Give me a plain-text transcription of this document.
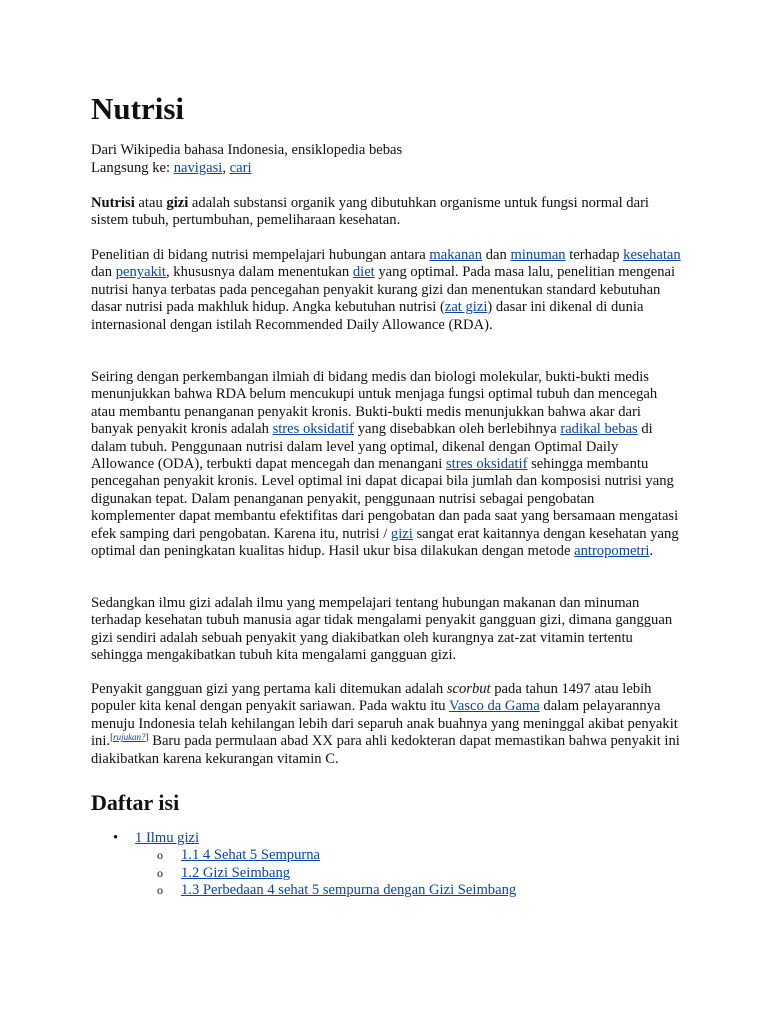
Nutrisi
Dari Wikipedia bahasa Indonesia, ensiklopedia bebas
Langsung ke: navigasi, cari

Nutrisi atau gizi adalah substansi organik yang dibutuhkan organisme untuk fungsi normal dari sistem tubuh, pertumbuhan, pemeliharaan kesehatan.

Penelitian di bidang nutrisi mempelajari hubungan antara makanan dan minuman terhadap kesehatan dan penyakit, khususnya dalam menentukan diet yang optimal. Pada masa lalu, penelitian mengenai nutrisi hanya terbatas pada pencegahan penyakit kurang gizi dan menentukan standard kebutuhan dasar nutrisi pada makhluk hidup. Angka kebutuhan nutrisi (zat gizi) dasar ini dikenal di dunia internasional dengan istilah Recommended Daily Allowance (RDA).

Seiring dengan perkembangan ilmiah di bidang medis dan biologi molekular, bukti-bukti medis menunjukkan bahwa RDA belum mencukupi untuk menjaga fungsi optimal tubuh dan mencegah atau membantu penanganan penyakit kronis. Bukti-bukti medis menunjukkan bahwa akar dari banyak penyakit kronis adalah stres oksidatif yang disebabkan oleh berlebihnya radikal bebas di dalam tubuh. Penggunaan nutrisi dalam level yang optimal, dikenal dengan Optimal Daily Allowance (ODA), terbukti dapat mencegah dan menangani stres oksidatif sehingga membantu pencegahan penyakit kronis. Level optimal ini dapat dicapai bila jumlah dan komposisi nutrisi yang digunakan tepat. Dalam penanganan penyakit, penggunaan nutrisi sebagai pengobatan komplementer dapat membantu efektifitas dari pengobatan dan pada saat yang bersamaan mengatasi efek samping dari pengobatan. Karena itu, nutrisi / gizi sangat erat kaitannya dengan kesehatan yang optimal dan peningkatan kualitas hidup. Hasil ukur bisa dilakukan dengan metode antropometri.

Sedangkan ilmu gizi adalah ilmu yang mempelajari tentang hubungan makanan dan minuman terhadap kesehatan tubuh manusia agar tidak mengalami penyakit gangguan gizi, dimana gangguan gizi sendiri adalah sebuah penyakit yang diakibatkan oleh kurangnya zat-zat vitamin tertentu sehingga mengakibatkan tubuh kita mengalami gangguan gizi.

Penyakit gangguan gizi yang pertama kali ditemukan adalah scorbut pada tahun 1497 atau lebih populer kita kenal dengan penyakit sariawan. Pada waktu itu Vasco da Gama dalam pelayarannya menuju Indonesia telah kehilangan lebih dari separuh anak buahnya yang meninggal akibat penyakit ini.[rujukan?] Baru pada permulaan abad XX para ahli kedokteran dapat memastikan bahwa penyakit ini diakibatkan karena kekurangan vitamin C.

Daftar isi
• 1 Ilmu gizi
o 1.1 4 Sehat 5 Sempurna
o 1.2 Gizi Seimbang
o 1.3 Perbedaan 4 sehat 5 sempurna dengan Gizi Seimbang
